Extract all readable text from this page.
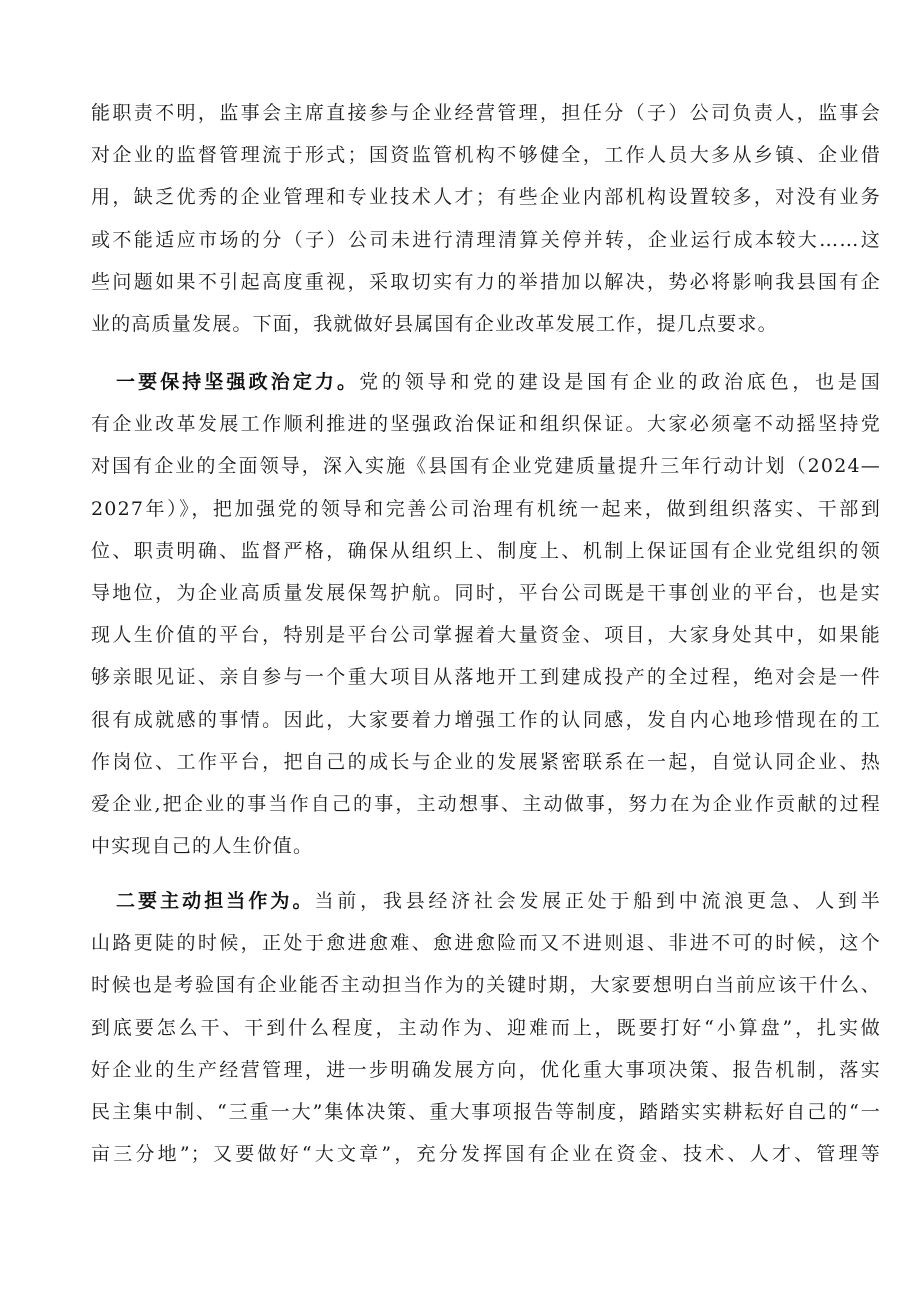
能职责不明，监事会主席直接参与企业经营管理，担任分（子）公司负责人，监事会
对企业的监督管理流于形式；国资监管机构不够健全，工作人员大多从乡镇、企业借
用，缺乏优秀的企业管理和专业技术人才；有些企业内部机构设置较多，对没有业务
或不能适应市场的分（子）公司未进行清理清算关停并转，企业运行成本较大……这
些问题如果不引起高度重视，采取切实有力的举措加以解决，势必将影响我县国有企
业的高质量发展。下面，我就做好县属国有企业改革发展工作，提几点要求。
一要保持坚强政治定力。党的领导和党的建设是国有企业的政治底色，也是国
有企业改革发展工作顺利推进的坚强政治保证和组织保证。大家必须毫不动摇坚持党
对国有企业的全面领导，深入实施《县国有企业党建质量提升三年行动计划（2024—
2027年）》，把加强党的领导和完善公司治理有机统一起来，做到组织落实、干部到
位、职责明确、监督严格，确保从组织上、制度上、机制上保证国有企业党组织的领
导地位，为企业高质量发展保驾护航。同时，平台公司既是干事创业的平台，也是实
现人生价值的平台，特别是平台公司掌握着大量资金、项目，大家身处其中，如果能
够亲眼见证、亲自参与一个重大项目从落地开工到建成投产的全过程，绝对会是一件
很有成就感的事情。因此，大家要着力增强工作的认同感，发自内心地珍惜现在的工
作岗位、工作平台，把自己的成长与企业的发展紧密联系在一起，自觉认同企业、热
爱企业,把企业的事当作自己的事，主动想事、主动做事，努力在为企业作贡献的过程
中实现自己的人生价值。
二要主动担当作为。当前，我县经济社会发展正处于船到中流浪更急、人到半
山路更陡的时候，正处于愈进愈难、愈进愈险而又不进则退、非进不可的时候，这个
时候也是考验国有企业能否主动担当作为的关键时期，大家要想明白当前应该干什么、
到底要怎么干、干到什么程度，主动作为、迎难而上，既要打好“小算盘”，扎实做
好企业的生产经营管理，进一步明确发展方向，优化重大事项决策、报告机制，落实
民主集中制、“三重一大”集体决策、重大事项报告等制度，踏踏实实耕耘好自己的“一
亩三分地”；又要做好“大文章”，充分发挥国有企业在资金、技术、人才、管理等
